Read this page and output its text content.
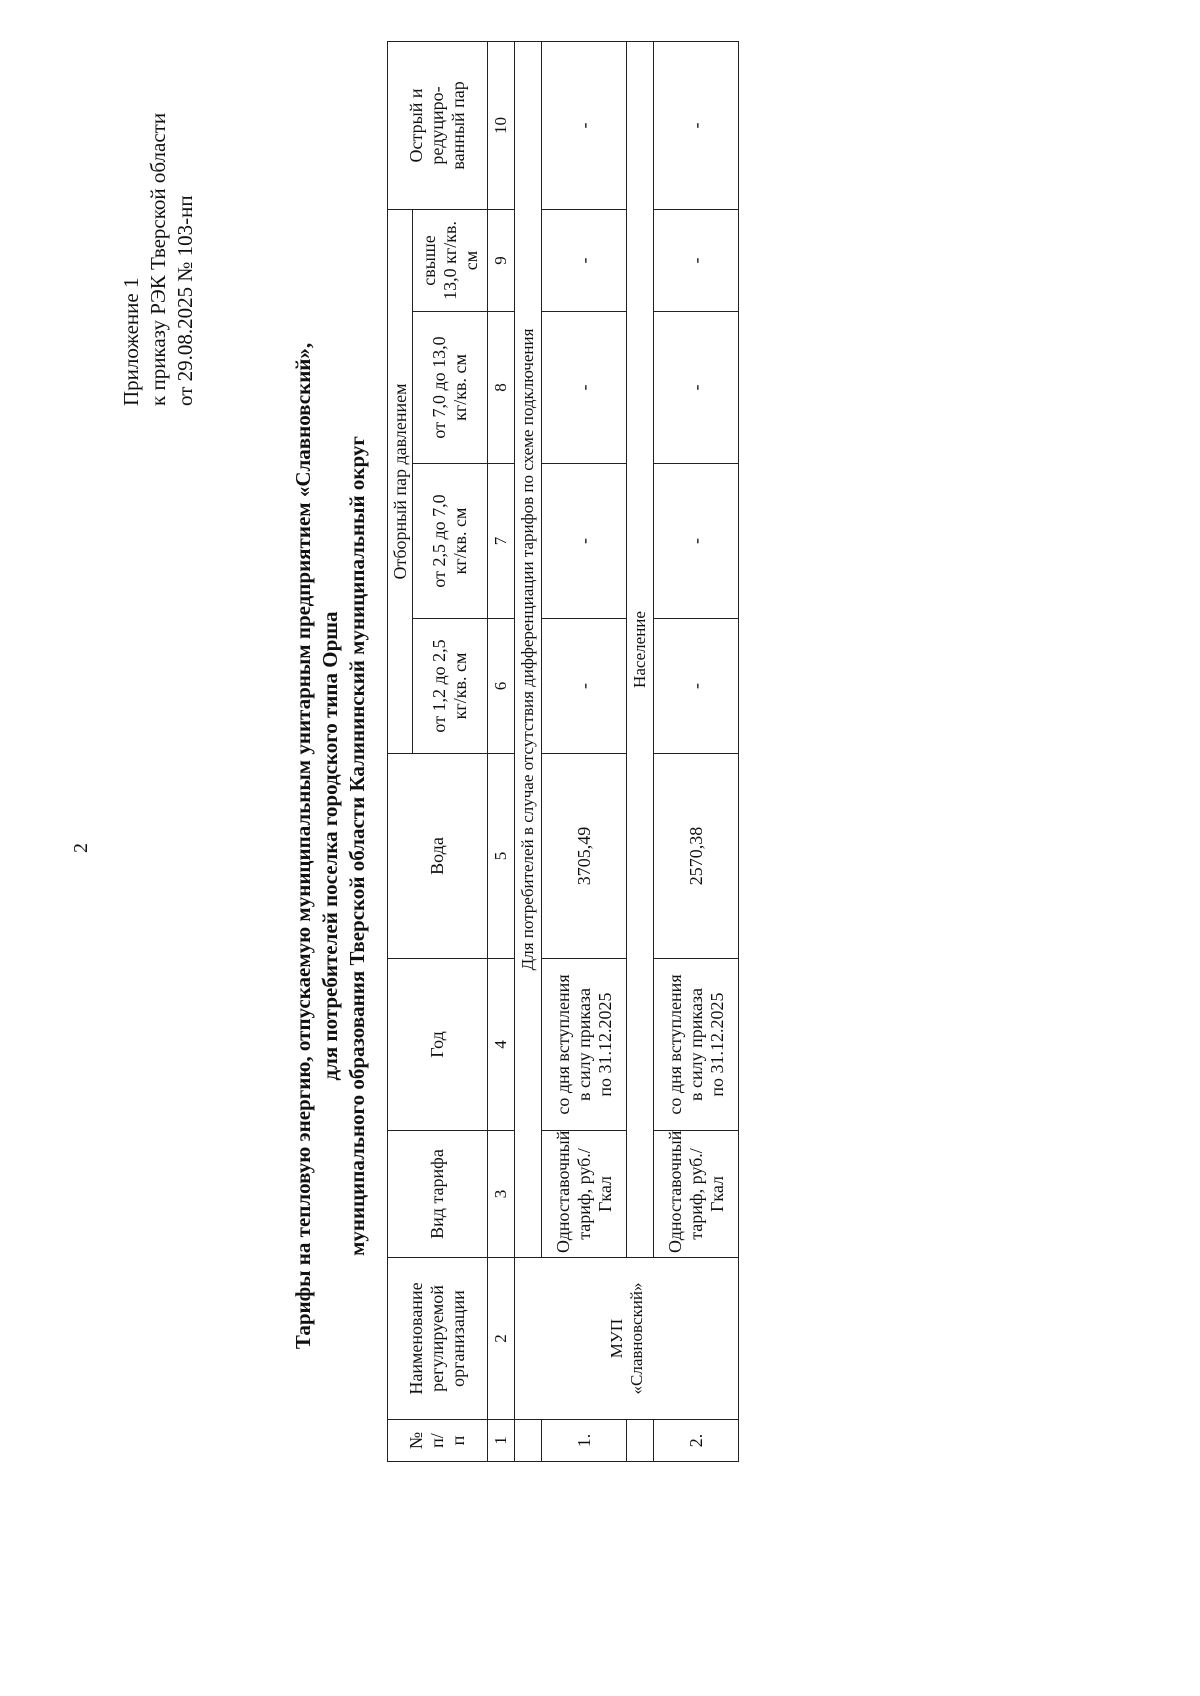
2
Приложение 1 к приказу РЭК Тверской области от 29.08.2025 № 103-нп
Тарифы на тепловую энергию, отпускаемую муниципальным унитарным предприятием «Славновский», для потребителей поселка городского типа Орша муниципального образования Тверской области Калининский муниципальный округ
№ п/ п	Наименование регулируемой организации	Вид тарифа	Год	Вода	Отборный пар давлением				Острый и редуциро- ванный пар

					от 1,2 до 2,5 кг/кв. см	от 2,5 до 7,0 кг/кв. см	от 7,0 до 13,0 кг/кв. см	свыше 13,0 кг/кв. см	

1	2	3	4	5	6	7	8	9	10

	МУП «Славновский»	Для потребителей в случае отсутствия дифференциации тарифов по схеме подключения							
1.		Одноставочный тариф, руб./Гкал	со дня вступления в силу приказа по 31.12.2025	3705,49	-	-	-	-	-
		Население							
2.		Одноставочный тариф, руб./Гкал	со дня вступления в силу приказа по 31.12.2025	2570,38	-	-	-	-	-
